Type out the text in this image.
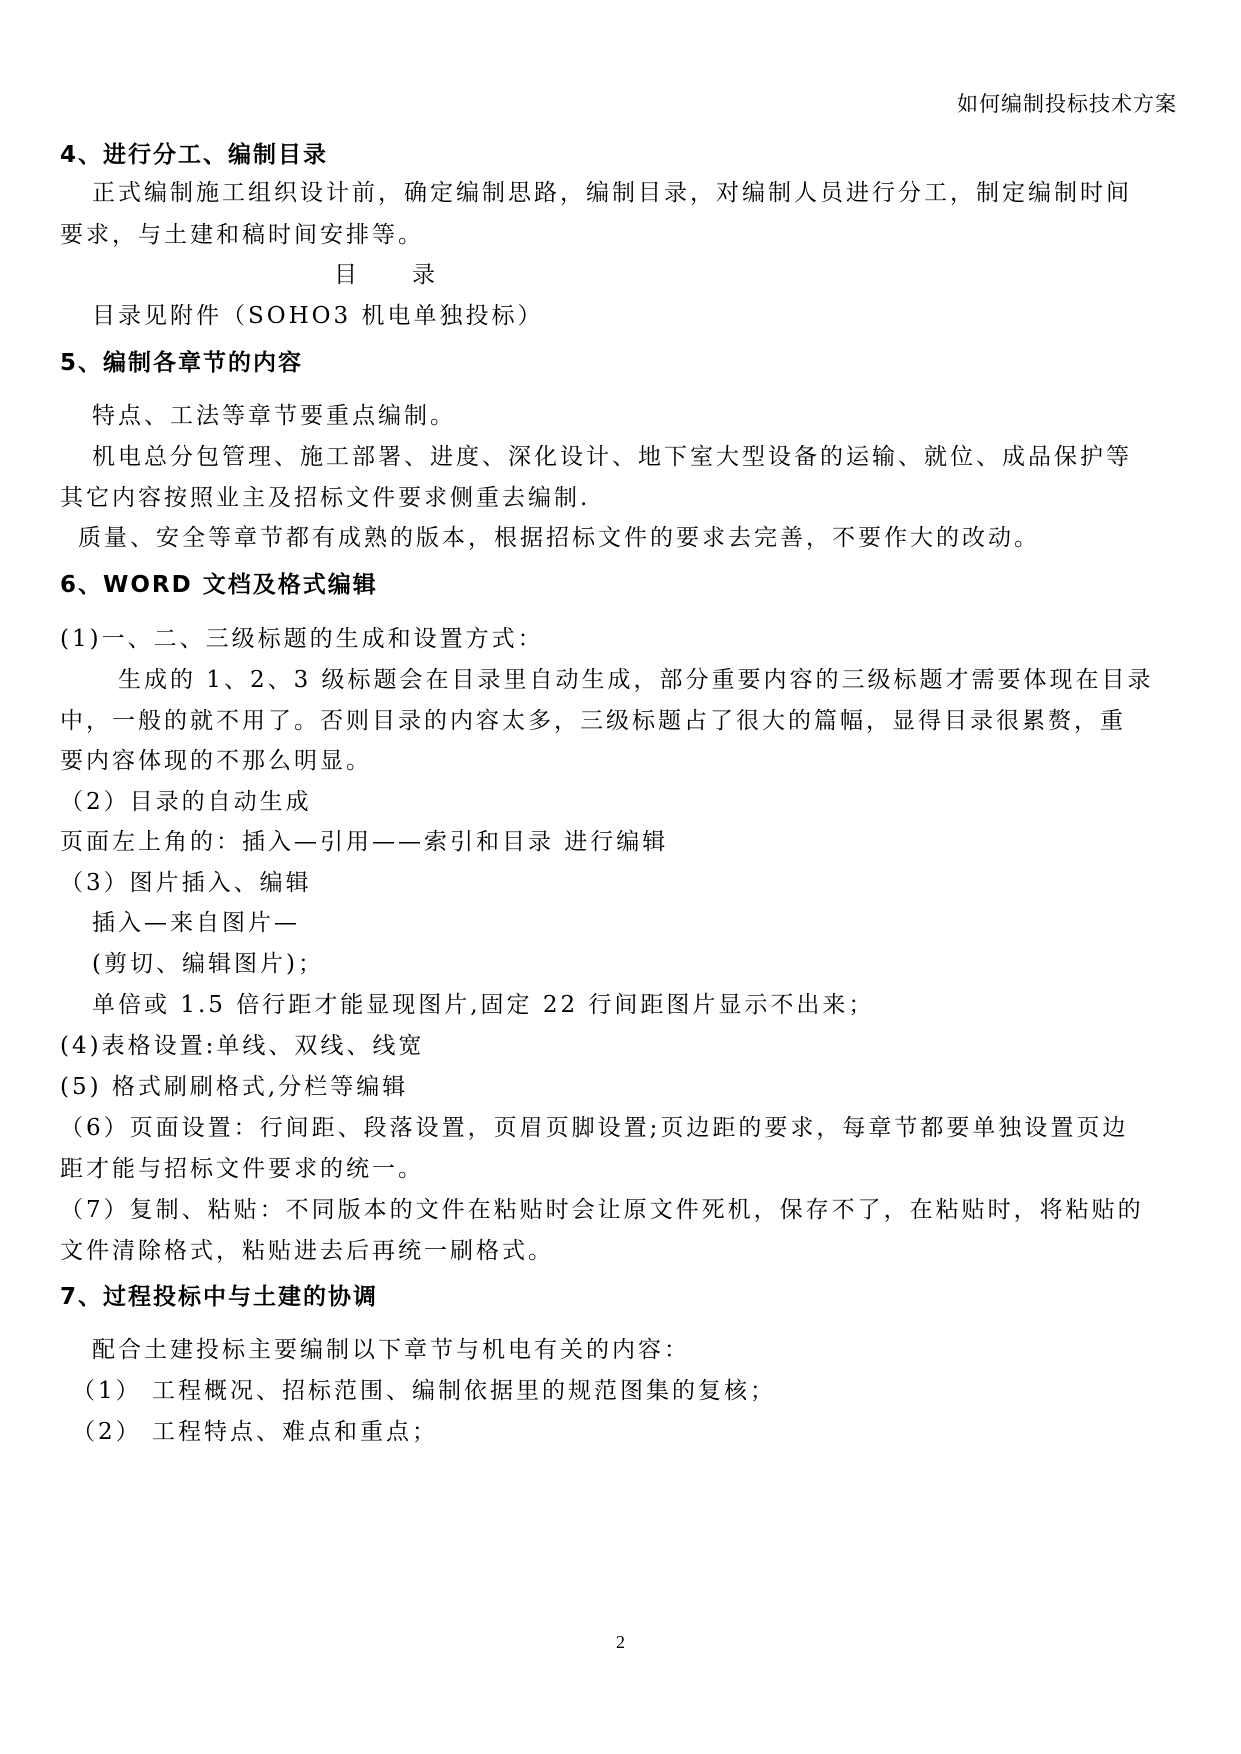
如何编制投标技术方案
4、进行分工、编制目录
正式编制施工组织设计前，确定编制思路，编制目录，对编制人员进行分工，制定编制时间
要求，与土建和稿时间安排等。
目　　录
目录见附件（SOHO3 机电单独投标）
5、编制各章节的内容
特点、工法等章节要重点编制。
机电总分包管理、施工部署、进度、深化设计、地下室大型设备的运输、就位、成品保护等
其它内容按照业主及招标文件要求侧重去编制.
质量、安全等章节都有成熟的版本，根据招标文件的要求去完善，不要作大的改动。
6、WORD 文档及格式编辑
(1)一、二、三级标题的生成和设置方式：
生成的 1、2、3 级标题会在目录里自动生成，部分重要内容的三级标题才需要体现在目录
中，一般的就不用了。否则目录的内容太多，三级标题占了很大的篇幅，显得目录很累赘，重
要内容体现的不那么明显。
（2）目录的自动生成
页面左上角的：插入—引用——索引和目录 进行编辑
（3）图片插入、编辑
插入—来自图片—
(剪切、编辑图片)；
单倍或 1.5 倍行距才能显现图片,固定 22 行间距图片显示不出来；
(4)表格设置:单线、双线、线宽
(5) 格式刷刷格式,分栏等编辑
（6）页面设置：行间距、段落设置，页眉页脚设置;页边距的要求，每章节都要单独设置页边
距才能与招标文件要求的统一。
（7）复制、粘贴：不同版本的文件在粘贴时会让原文件死机，保存不了，在粘贴时，将粘贴的
文件清除格式，粘贴进去后再统一刷格式。
7、过程投标中与土建的协调
配合土建投标主要编制以下章节与机电有关的内容：
（1） 工程概况、招标范围、编制依据里的规范图集的复核；
（2） 工程特点、难点和重点；
2
